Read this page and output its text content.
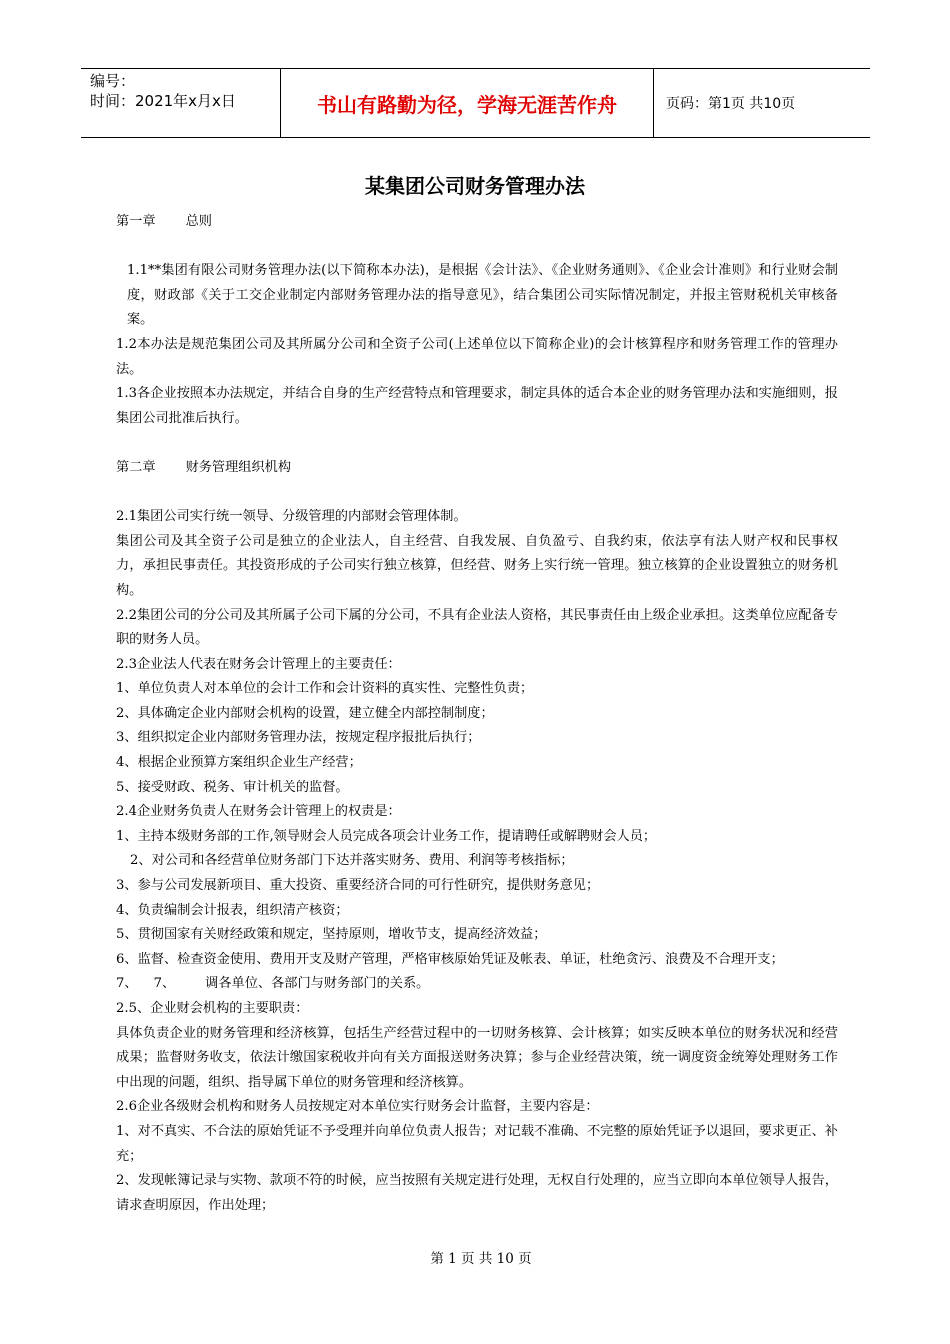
编号：
时间：2021年x月x日	书山有路勤为径，学海无涯苦作舟	页码：第1页 共10页
某集团公司财务管理办法

第一章 总则

1.1**集团有限公司财务管理办法(以下简称本办法)，是根据《会计法》、《企业财务通则》、《企业会计准则》和行业财会制度，财政部《关于工交企业制定内部财务管理办法的指导意见》，结合集团公司实际情况制定，并报主管财税机关审核备案。

1.2本办法是规范集团公司及其所属分公司和全资子公司(上述单位以下简称企业)的会计核算程序和财务管理工作的管理办法。

1.3各企业按照本办法规定，并结合自身的生产经营特点和管理要求，制定具体的适合本企业的财务管理办法和实施细则，报集团公司批准后执行。

第二章 财务管理组织机构

2.1集团公司实行统一领导、分级管理的内部财会管理体制。

集团公司及其全资子公司是独立的企业法人，自主经营、自我发展、自负盈亏、自我约束，依法享有法人财产权和民事权力，承担民事责任。其投资形成的子公司实行独立核算，但经营、财务上实行统一管理。独立核算的企业设置独立的财务机构。

2.2集团公司的分公司及其所属子公司下属的分公司，不具有企业法人资格，其民事责任由上级企业承担。这类单位应配备专职的财务人员。

2.3企业法人代表在财务会计管理上的主要责任：

1、单位负责人对本单位的会计工作和会计资料的真实性、完整性负责；

2、具体确定企业内部财会机构的设置，建立健全内部控制制度；

3、组织拟定企业内部财务管理办法，按规定程序报批后执行；

4、根据企业预算方案组织企业生产经营；

5、接受财政、税务、审计机关的监督。

2.4企业财务负责人在财务会计管理上的权责是：

1、主持本级财务部的工作,领导财会人员完成各项会计业务工作，提请聘任或解聘财会人员；

2、对公司和各经营单位财务部门下达并落实财务、费用、利润等考核指标；

3、参与公司发展新项目、重大投资、重要经济合同的可行性研究，提供财务意见；

4、负责编制会计报表，组织清产核资；

5、贯彻国家有关财经政策和规定，坚持原则，增收节支，提高经济效益；

6、监督、检查资金使用、费用开支及财产管理，严格审核原始凭证及帐表、单证，杜绝贪污、浪费及不合理开支；

7、 7、 调各单位、各部门与财务部门的关系。

2.5、企业财会机构的主要职责：

具体负责企业的财务管理和经济核算，包括生产经营过程中的一切财务核算、会计核算；如实反映本单位的财务状况和经营成果；监督财务收支，依法计缴国家税收并向有关方面报送财务决算；参与企业经营决策，统一调度资金统筹处理财务工作中出现的问题，组织、指导属下单位的财务管理和经济核算。

2.6企业各级财会机构和财务人员按规定对本单位实行财务会计监督，主要内容是：

1、对不真实、不合法的原始凭证不予受理并向单位负责人报告；对记载不准确、不完整的原始凭证予以退回，要求更正、补充；

2、发现帐簿记录与实物、款项不符的时候，应当按照有关规定进行处理，无权自行处理的，应当立即向本单位领导人报告，请求查明原因，作出处理；

第 1 页 共 10 页
